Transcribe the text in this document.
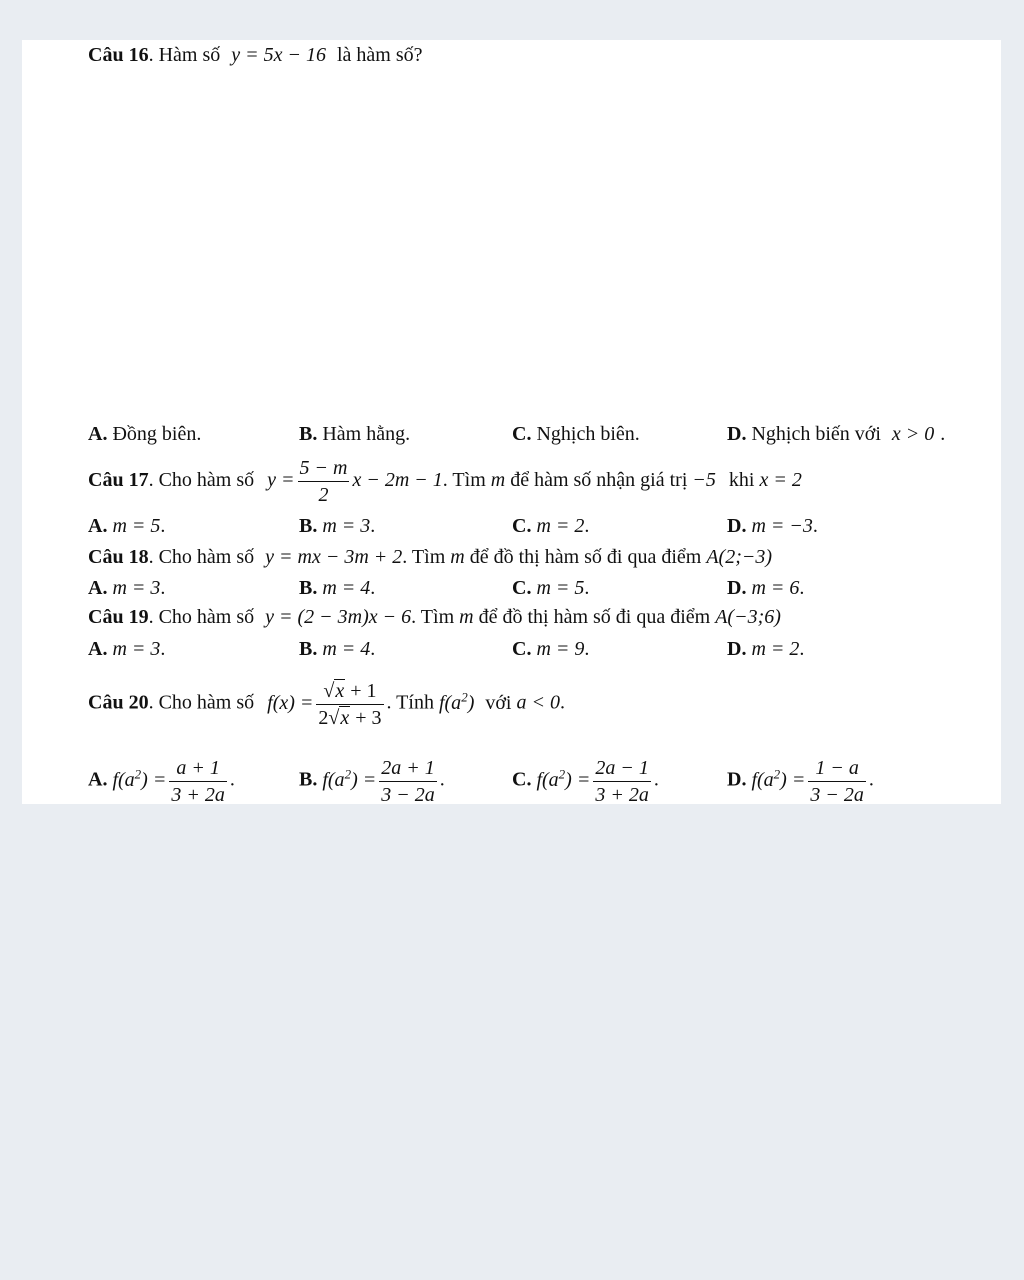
Câu 16. Hàm số y = 5x − 16 là hàm số?
A. Đồng biên.	B. Hàm hằng.	C. Nghịch biên.	D. Nghịch biến với x > 0 .
Câu 17. Cho hàm số $y = \frac{5 - m}{2}$ x − 2m − 1. Tìm m để hàm số nhận giá trị −5 khi x = 2
A. m = 5.	B. m = 3.	C. m = 2.	D. m = −3.
Câu 18. Cho hàm số y = mx − 3m + 2. Tìm m để đồ thị hàm số đi qua điểm A(2;−3)
A. m = 3.	B. m = 4.	C. m = 5.	D. m = 6.
Câu 19. Cho hàm số y = (2 − 3m)x − 6. Tìm m để đồ thị hàm số đi qua điểm A(−3;6)
A. m = 3.	B. m = 4.	C. m = 9.	D. m = 2.
Câu 20. Cho hàm số $f(x) = \frac{√x + 1}{2√x + 3}$ . Tính $f(a^2)$ với a < 0.
A. $f(a^2) = \frac{a + 1}{3 + 2a}$ .	B. $f(a^2) = \frac{2a + 1}{3 - 2a}$ .	C. $f(a^2) = \frac{2a - 1}{3 + 2a}$ .	D. $f(a^2) = \frac{1 - a}{3 - 2a}$ .
